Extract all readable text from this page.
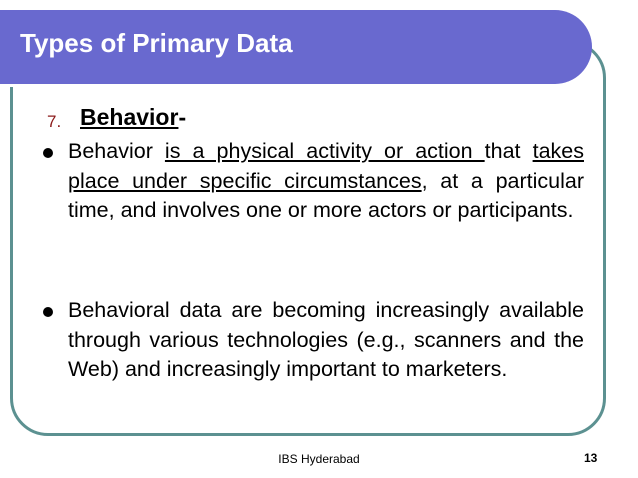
Types of Primary Data
7. Behavior-
Behavior is a physical activity or action that takes place under specific circumstances, at a particular time, and involves one or more actors or participants.
Behavioral data are becoming increasingly available through various technologies (e.g., scanners and the Web) and increasingly important to marketers.
IBS Hyderabad	13
